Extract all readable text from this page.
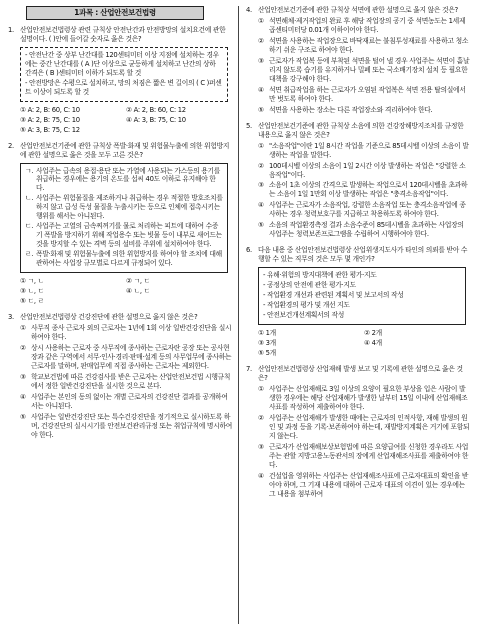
1과목 : 산업안전보건법령
1. 산업안전보건법령상 관련 규칙상 안전난간과 안전방망의 설치요건에 관한 설명이다. ( )안에 들어갈 숫자로 옳은 것은?
- 안전난간 중 상부 난간대를 120센티미터 이상 지점에 설치하는 경우에는 중간 난간대를 ( A )단 이상으로 균등하게 설치하고 난간의 상하 간격은 ( B )센티미터 이하가 되도록 할 것
- 안전방망은 수평으로 설치하고, 망의 처짐은 짧은 변 길이의 ( C )퍼센트 이상이 되도록 할 것
① A: 2, B: 60, C: 10	② A: 2, B: 60, C: 12
③ A: 2, B: 75, C: 10	④ A: 3, B: 75, C: 10
⑤ A: 3, B: 75, C: 12
2. 산업안전보건기준에 관한 규칙상 폭발·화재 및 위험물누출에 의한 위험방지에 관한 설명으로 옳은 것을 모두 고른 것은?
ㄱ. 사업주는 급속의 용접·용단 또는 가열에 사용되는 가스등의 용기를 취급하는 경우에는 용기의 온도를 섭씨 40도 이하로 유지해야 한다.
ㄴ. 사업주는 위험물질을 제조하거나 취급하는 경우 적절한 방호조치를 하지 않고 급성 독성 물질을 누출시키는 등으로 인체에 접촉시키는 행위를 해서는 아니된다.
ㄷ. 사업주는 고열의 금속찌꺼기를 물로 처리하는 피트에 대하여 수증기 폭발을 방지하기 위해 작업용수 또는 빗물 등이 내부로 새어드는 것을 방지할 수 있는 격벽 등의 설비를 주위에 설치하여야 한다.
ㄹ. 폭발·화재 및 위험물누출에 의한 위험방지를 하여야 할 조치에 대해 관하여는 사업장 규모별로 다르게 규정되어 있다.
① ㄱ, ㄴ	② ㄱ, ㄷ
③ ㄴ, ㄷ	④ ㄴ, ㄷ
⑤ ㄷ, ㄹ
3. 산업안전보건법령상 건강진단에 관한 설명으로 옳지 않은 것은?
① 사무직 종사 근로자 외의 근로자는 1년에 1회 이상 일반건강진단을 실시하여야 한다.
② 상시 사용하는 근로자 중 사무직에 종사하는 근로자란 공장 또는 공사현장과 같은 구역에서 서무·인사·경리·판매·설계 등의 사무업무에 종사하는 근로자를 말하며, 판매업무에 직접 종사하는 근로자는 제외한다.
③ 학교보건법에 따른 건강검사를 받은 근로자는 산업안전보건법 시행규칙에서 정한 일반건강진단을 실시한 것으로 본다.
④ 사업주는 본인의 동의 없이는 개별 근로자의 건강진단 결과를 공개하여서는 아니된다.
⑤ 사업주는 일반건강진단 또는 특수건강진단을 정기적으로 실시하도록 하며, 건강진단의 실시시기를 안전보건관리규정 또는 취업규칙에 명시하여야 한다.
4. 산업안전보건기준에 관한 규칙상 석면에 관한 설명으로 옳지 않은 것은?
① 석면해체·제거작업의 완료 후 해당 작업장의 공기 중 석면농도는 1세제곱센티미터당 0.01개 이하이어야 한다.
② 석면을 사용하는 작업장으로 바닥재료는 불침투성재료를 사용하고 청소하기 쉬운 구조로 하여야 한다.
③ 근로자가 작업복 등에 부착된 석면을 털어 낼 경우 사업주는 석면이 흩날리지 않도록 습기를 유지하거나 밀폐 또는 국소배기장치 설치 등 필요한 대책을 강구해야 한다.
④ 석면 취급작업을 하는 근로자가 오염된 작업복은 석면 전용 탈의실에서만 벗도록 하여야 한다.
⑤ 석면을 사용하는 장소는 다른 작업장소와 격리하여야 한다.
5. 산업안전보건기준에 관한 규칙상 소음에 의한 건강장해방지조치를 규정한 내용으로 옳지 않은 것은?
① "소음작업"이란 1일 8시간 작업을 기준으로 85데시벨 이상의 소음이 발생하는 작업을 말한다.
② 100데시벨 이상의 소음이 1일 2시간 이상 발생하는 작업은 "강렬한 소음작업"이다.
③ 소음이 1초 이상의 간격으로 발생하는 작업으로서 120데시벨을 초과하는 소음이 1일 1만회 이상 발생하는 작업은 "충격소음작업"이다.
④ 사업주는 근로자가 소음작업, 강렬한 소음작업 또는 충격소음작업에 종사하는 경우 청력보호구를 지급하고 착용하도록 하여야 한다.
⑤ 소음의 작업환경측정 결과 소음수준이 85데시벨을 초과하는 사업장의 사업주는 청력보존프로그램을 수립하여 시행하여야 한다.
6. 다음 내용 중 산업안전보건법령상 산업위생지도사가 타인의 의뢰를 받아 수행할 수 있는 직무의 것은 모두 몇 개인가?
- 유해·위험의 방지대책에 관한 평가·지도
- 공정상의 안전에 관한 평가·지도
- 작업환경 개선과 관련된 계획서 및 보고서의 작성
- 작업환경의 평가 및 개선 지도
- 안전보건개선계획서의 작성
① 1개	② 2개
③ 3개	④ 4개
⑤ 5개
7. 산업안전보건법령상 산업재해 발생 보고 및 기록에 관한 설명으로 옳은 것은?
① 사업주는 산업재해로 3일 이상의 요양이 필요한 부상을 입은 사람이 발생한 경우에는 해당 산업재해가 발생한 날부터 15일 이내에 산업재해조사표를 작성하여 제출하여야 한다.
② 사업주는 산업재해가 발생한 때에는 근로자의 인적사항, 재해 발생의 원인 및 과정 등을 기록·보존하여야 하는데, 재발방지계획은 거기에 포함되지 않는다.
③ 근로자가 산업재해보상보험법에 따른 요양급여를 신청한 경우라도 사업주는 관할 지방고용노동관서의 장에게 산업재해조사표를 제출하여야 한다.
④ 건설업을 영위하는 사업주는 산업재해조사표에 근로자대표의 확인을 받아야 하며, 그 기재 내용에 대하여 근로자 대표의 이견이 있는 경우에는 그 내용을 첨부하여
